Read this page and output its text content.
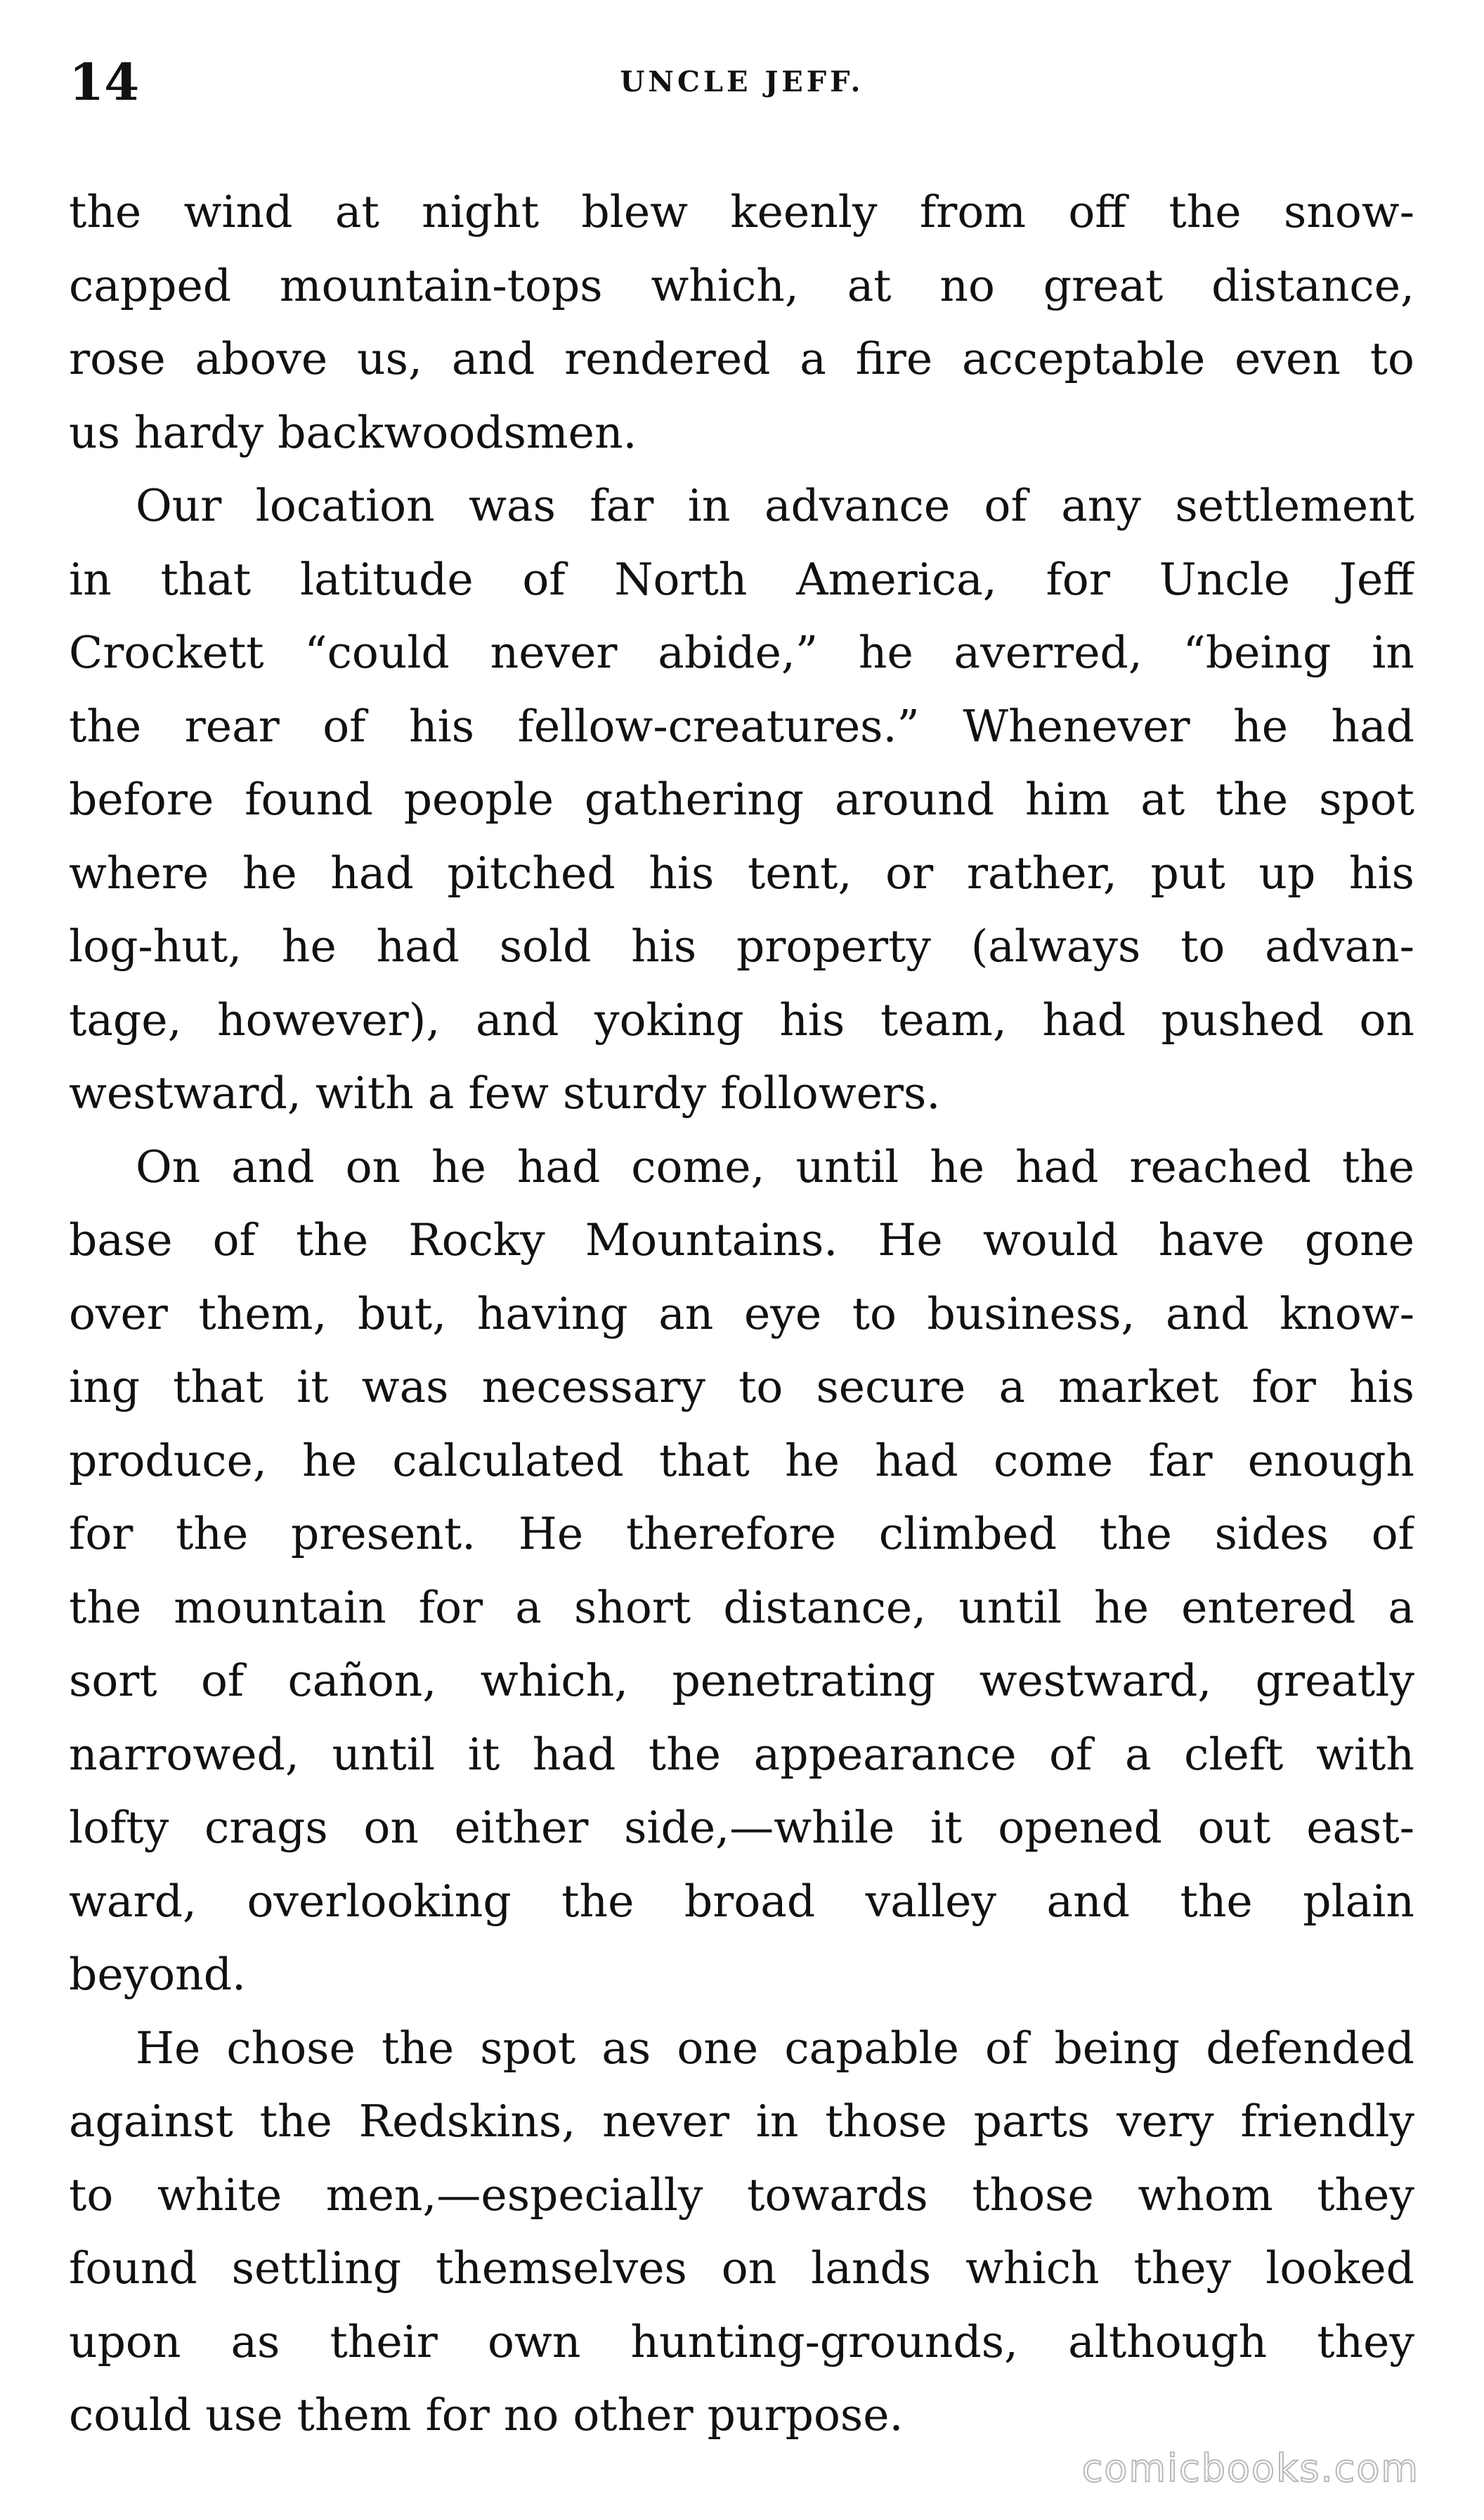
14	UNCLE JEFF.
the wind at night blew keenly from off the snow-
capped mountain-tops which, at no great distance,
rose above us, and rendered a fire acceptable even to
us hardy backwoodsmen.
Our location was far in advance of any settlement
in that latitude of North America, for Uncle Jeff
Crockett “could never abide,” he averred, “being in
the rear of his fellow-creatures.” Whenever he had
before found people gathering around him at the spot
where he had pitched his tent, or rather, put up his
log-hut, he had sold his property (always to advan-
tage, however), and yoking his team, had pushed on
westward, with a few sturdy followers.
On and on he had come, until he had reached the
base of the Rocky Mountains. He would have gone
over them, but, having an eye to business, and know-
ing that it was necessary to secure a market for his
produce, he calculated that he had come far enough
for the present. He therefore climbed the sides of
the mountain for a short distance, until he entered a
sort of cañon, which, penetrating westward, greatly
narrowed, until it had the appearance of a cleft with
lofty crags on either side,—while it opened out east-
ward, overlooking the broad valley and the plain
beyond.
He chose the spot as one capable of being defended
against the Redskins, never in those parts very friendly
to white men,—especially towards those whom they
found settling themselves on lands which they looked
upon as their own hunting-grounds, although they
could use them for no other purpose.
comicbooks.com
